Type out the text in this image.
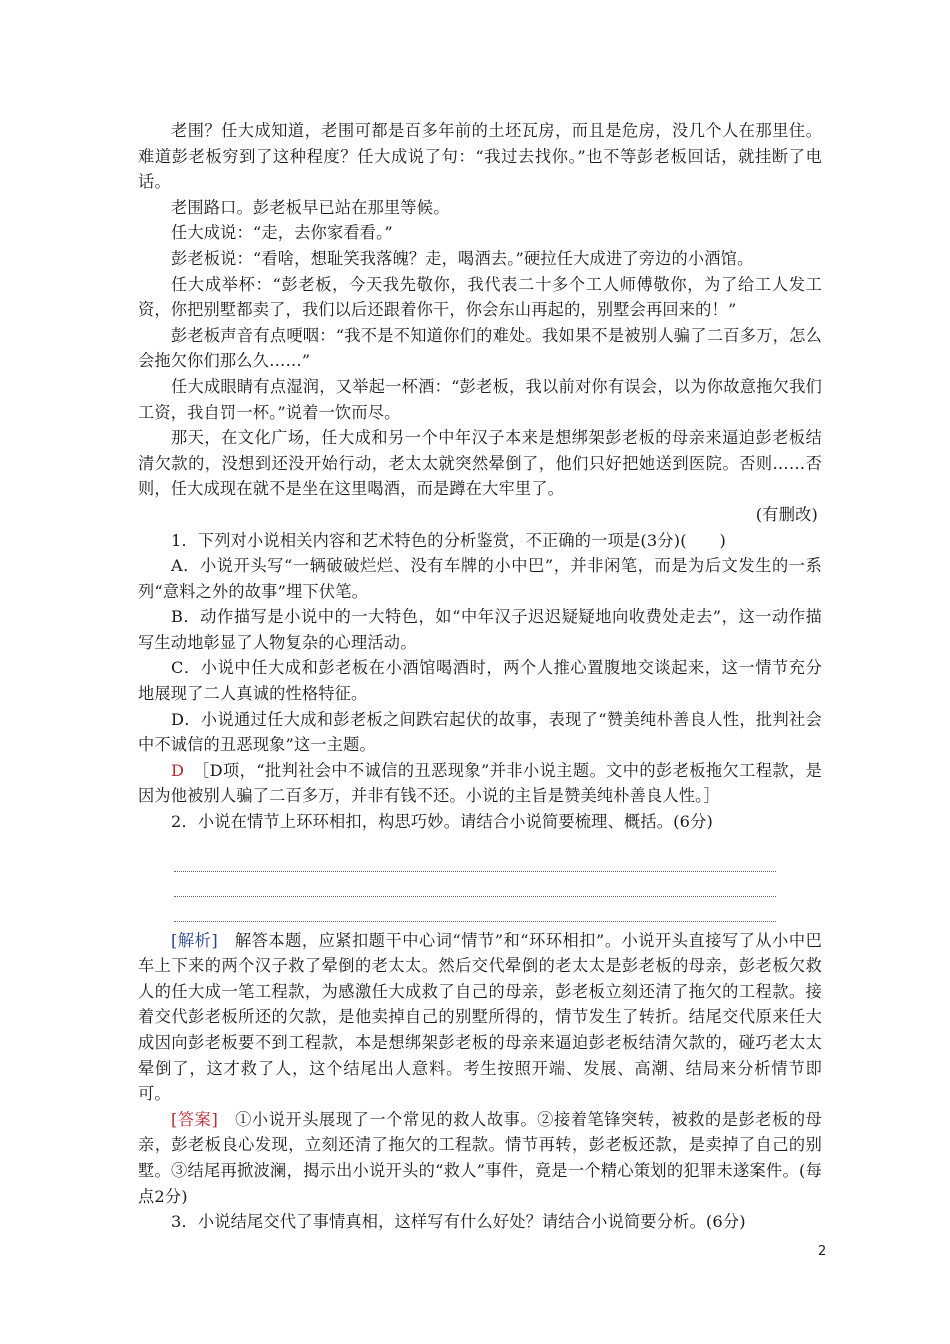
老围？任大成知道，老围可都是百多年前的土坯瓦房，而且是危房，没几个人在那里住。难道彭老板穷到了这种程度？任大成说了句：“我过去找你。”也不等彭老板回话，就挂断了电话。

老围路口。彭老板早已站在那里等候。

任大成说：“走，去你家看看。”

彭老板说：“看啥，想耻笑我落魄？走，喝酒去。”硬拉任大成进了旁边的小酒馆。

任大成举杯：“彭老板，今天我先敬你，我代表二十多个工人师傅敬你，为了给工人发工资，你把别墅都卖了，我们以后还跟着你干，你会东山再起的，别墅会再回来的！”

彭老板声音有点哽咽：“我不是不知道你们的难处。我如果不是被别人骗了二百多万，怎么会拖欠你们那么久……”

任大成眼睛有点湿润，又举起一杯酒：“彭老板，我以前对你有误会，以为你故意拖欠我们工资，我自罚一杯。”说着一饮而尽。

那天，在文化广场，任大成和另一个中年汉子本来是想绑架彭老板的母亲来逼迫彭老板结清欠款的，没想到还没开始行动，老太太就突然晕倒了，他们只好把她送到医院。否则……否则，任大成现在就不是坐在这里喝酒，而是蹲在大牢里了。

(有删改)

1．下列对小说相关内容和艺术特色的分析鉴赏，不正确的一项是(3分)(　　)

A．小说开头写“一辆破破烂烂、没有车牌的小中巴”，并非闲笔，而是为后文发生的一系列“意料之外的故事”埋下伏笔。

B．动作描写是小说中的一大特色，如“中年汉子迟迟疑疑地向收费处走去”，这一动作描写生动地彰显了人物复杂的心理活动。

C．小说中任大成和彭老板在小酒馆喝酒时，两个人推心置腹地交谈起来，这一情节充分地展现了二人真诚的性格特征。

D．小说通过任大成和彭老板之间跌宕起伏的故事，表现了“赞美纯朴善良人性，批判社会中不诚信的丑恶现象”这一主题。

D　 ［D项，“批判社会中不诚信的丑恶现象”并非小说主题。文中的彭老板拖欠工程款，是因为他被别人骗了二百多万，并非有钱不还。小说的主旨是赞美纯朴善良人性。］

2．小说在情节上环环相扣，构思巧妙。请结合小说简要梳理、概括。(6分)

[解析]　 解答本题，应紧扣题干中心词“情节”和“环环相扣”。小说开头直接写了从小中巴车上下来的两个汉子救了晕倒的老太太。然后交代晕倒的老太太是彭老板的母亲，彭老板欠救人的任大成一笔工程款，为感激任大成救了自己的母亲，彭老板立刻还清了拖欠的工程款。接着交代彭老板所还的欠款，是他卖掉自己的别墅所得的，情节发生了转折。结尾交代原来任大成因向彭老板要不到工程款，本是想绑架彭老板的母亲来逼迫彭老板结清欠款的，碰巧老太太晕倒了，这才救了人，这个结尾出人意料。考生按照开端、发展、高潮、结局来分析情节即可。

[答案]　 ①小说开头展现了一个常见的救人故事。②接着笔锋突转，被救的是彭老板的母亲，彭老板良心发现，立刻还清了拖欠的工程款。情节再转，彭老板还款，是卖掉了自己的别墅。③结尾再掀波澜，揭示出小说开头的“救人”事件，竟是一个精心策划的犯罪未遂案件。(每点2分)

3．小说结尾交代了事情真相，这样写有什么好处？请结合小说简要分析。(6分)

2
